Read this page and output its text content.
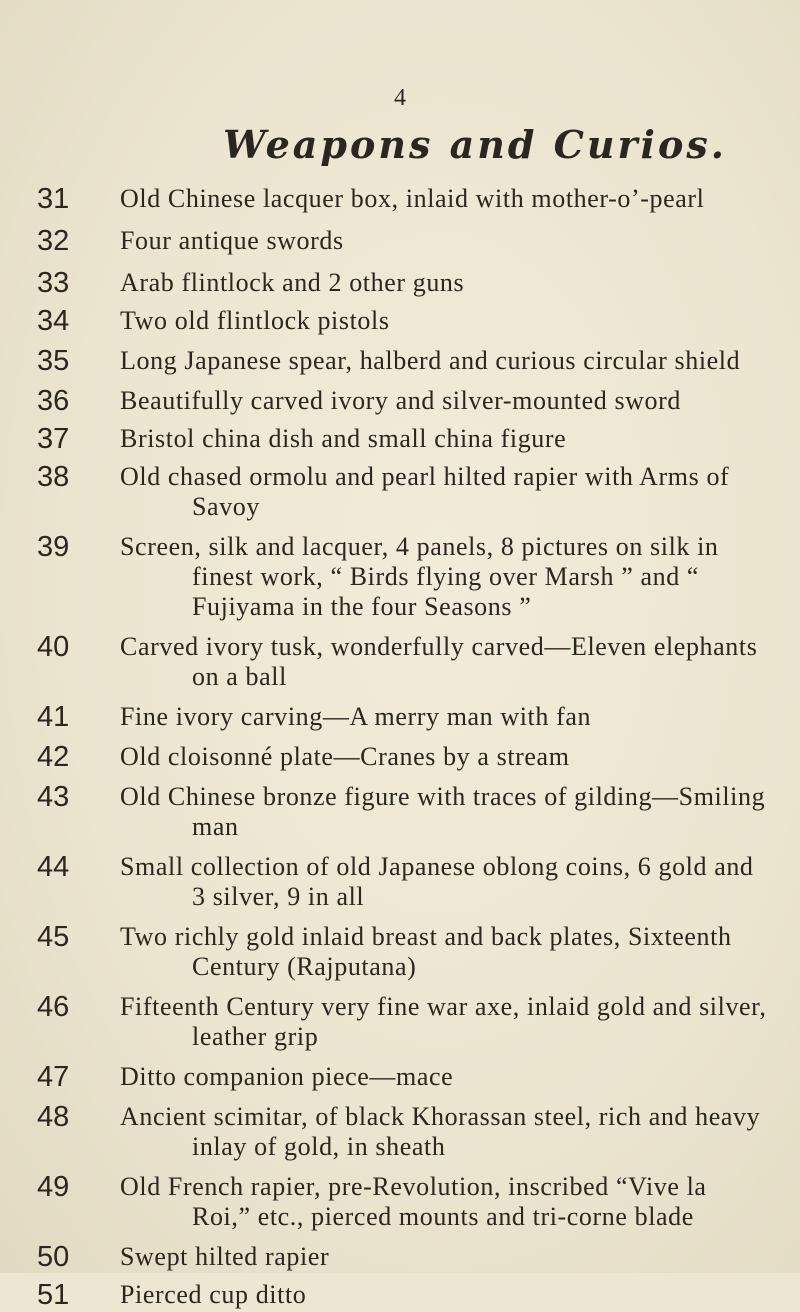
4
Weapons and Curios.
31	Old Chinese lacquer box, inlaid with mother-o’-pearl
32	Four antique swords
33	Arab flintlock and 2 other guns
34	Two old flintlock pistols
35	Long Japanese spear, halberd and curious circular shield
36	Beautifully carved ivory and silver-mounted sword
37	Bristol china dish and small china figure
38	Old chased ormolu and pearl hilted rapier with Arms of Savoy
39	Screen, silk and lacquer, 4 panels, 8 pictures on silk in finest work, “ Birds flying over Marsh ” and “ Fujiyama in the four Seasons ”
40	Carved ivory tusk, wonderfully carved—Eleven elephants on a ball
41	Fine ivory carving—A merry man with fan
42	Old cloisonné plate—Cranes by a stream
43	Old Chinese bronze figure with traces of gilding—Smiling man
44	Small collection of old Japanese oblong coins, 6 gold and 3 silver, 9 in all
45	Two richly gold inlaid breast and back plates, Sixteenth Century (Rajputana)
46	Fifteenth Century very fine war axe, inlaid gold and silver, leather grip
47	Ditto companion piece—mace
48	Ancient scimitar, of black Khorassan steel, rich and heavy inlay of gold, in sheath
49	Old French rapier, pre-Revolution, inscribed “Vive la Roi,” etc., pierced mounts and tri-corne blade
50	Swept hilted rapier
51	Pierced cup ditto
